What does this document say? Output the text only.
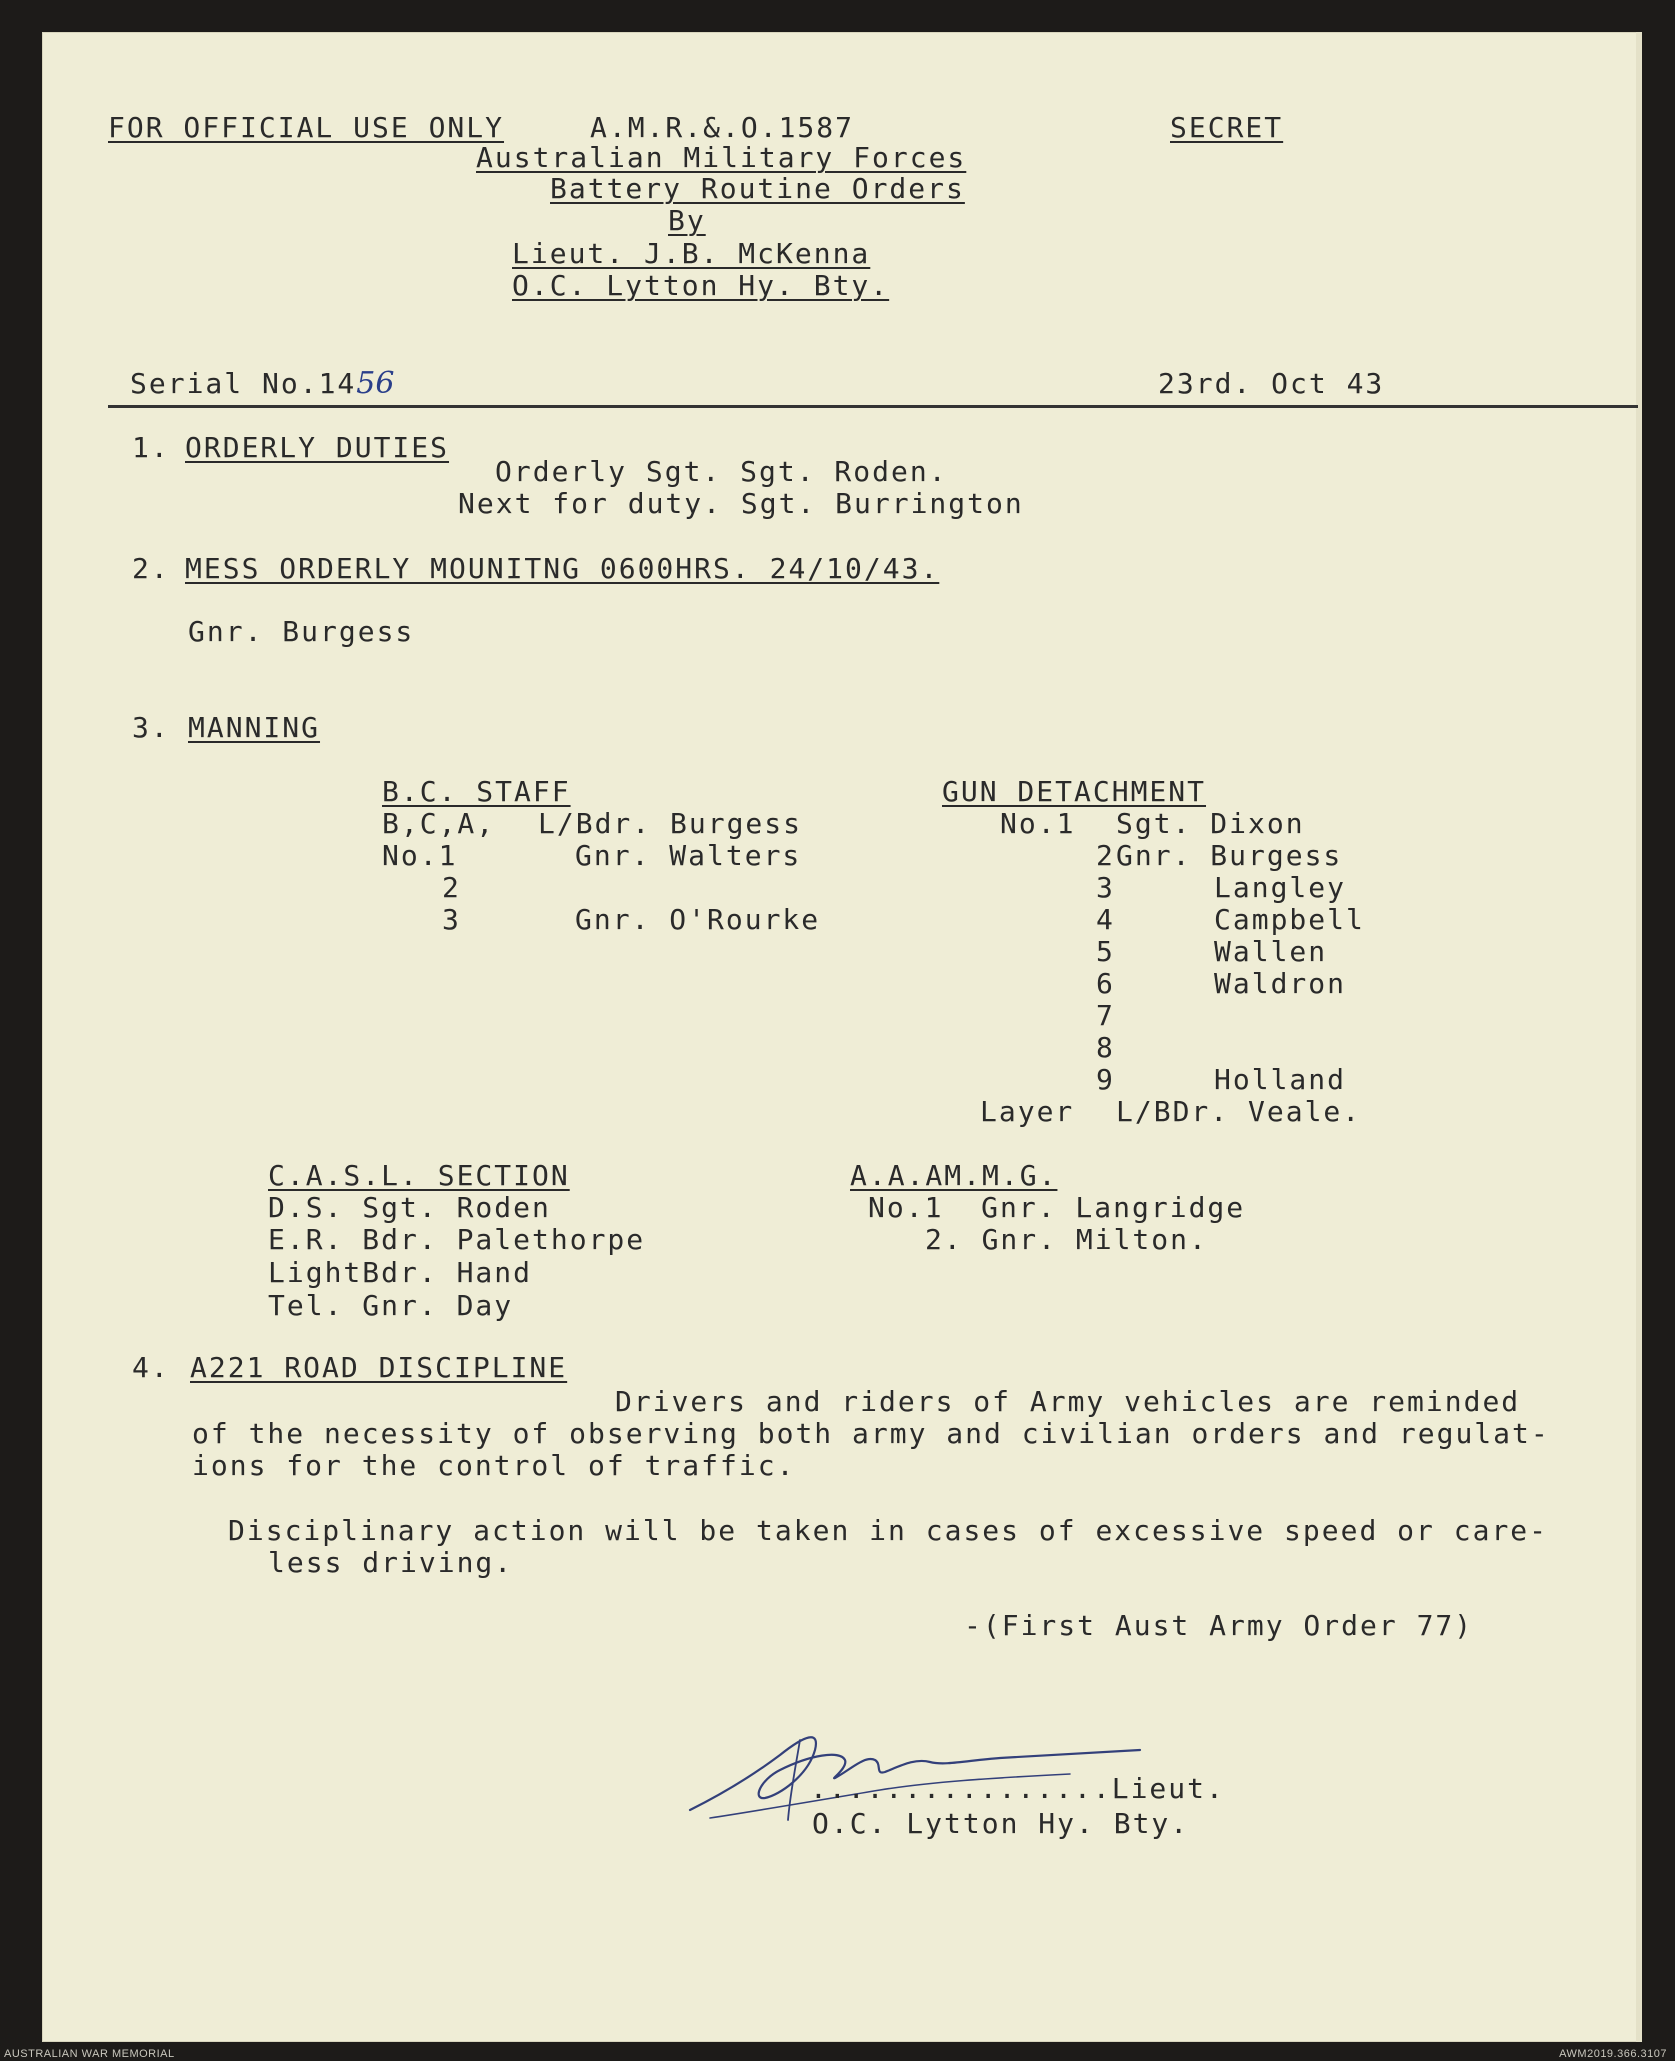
FOR OFFICIAL USE ONLY	A.M.R.&.O.1587	SECRET
Australian Military Forces
Battery Routine Orders
By
Lieut. J.B. McKenna
O.C. Lytton Hy. Bty.
Serial No.1456	23rd. Oct 43
1. ORDERLY DUTIES
Orderly Sgt. Sgt. Roden.
Next for duty. Sgt. Burrington
2. MESS ORDERLY MOUNITNG 0600HRS. 24/10/43.
Gnr. Burgess
3. MANNING
B.C. STAFF
B,C,A, L/Bdr. Burgess
No.1	Gnr. Walters
2
3	Gnr. O'Rourke
GUN DETACHMENT
No.1 Sgt. Dixon
2 Gnr. Burgess
3	Langley
4	Campbell
5	Wallen
6	Waldron
7
8
9	Holland
Layer L/BDr. Veale.
C.A.S.L. SECTION
D.S. Sgt. Roden
E.R. Bdr. Palethorpe
LightBdr. Hand
Tel. Gnr. Day
A.A.AM.M.G.
No.1  Gnr. Langridge
2. Gnr. Milton.
4. A221 ROAD DISCIPLINE
Drivers and riders of Army vehicles are reminded
of the necessity of observing both army and civilian orders and regulat-
ions for the control of traffic.
Disciplinary action will be taken in cases of excessive speed or care-
less driving.
-(First Aust Army Order 77)
................Lieut.
O.C. Lytton Hy. Bty.
AUSTRALIAN WAR MEMORIAL	AWM2019.366.3107
